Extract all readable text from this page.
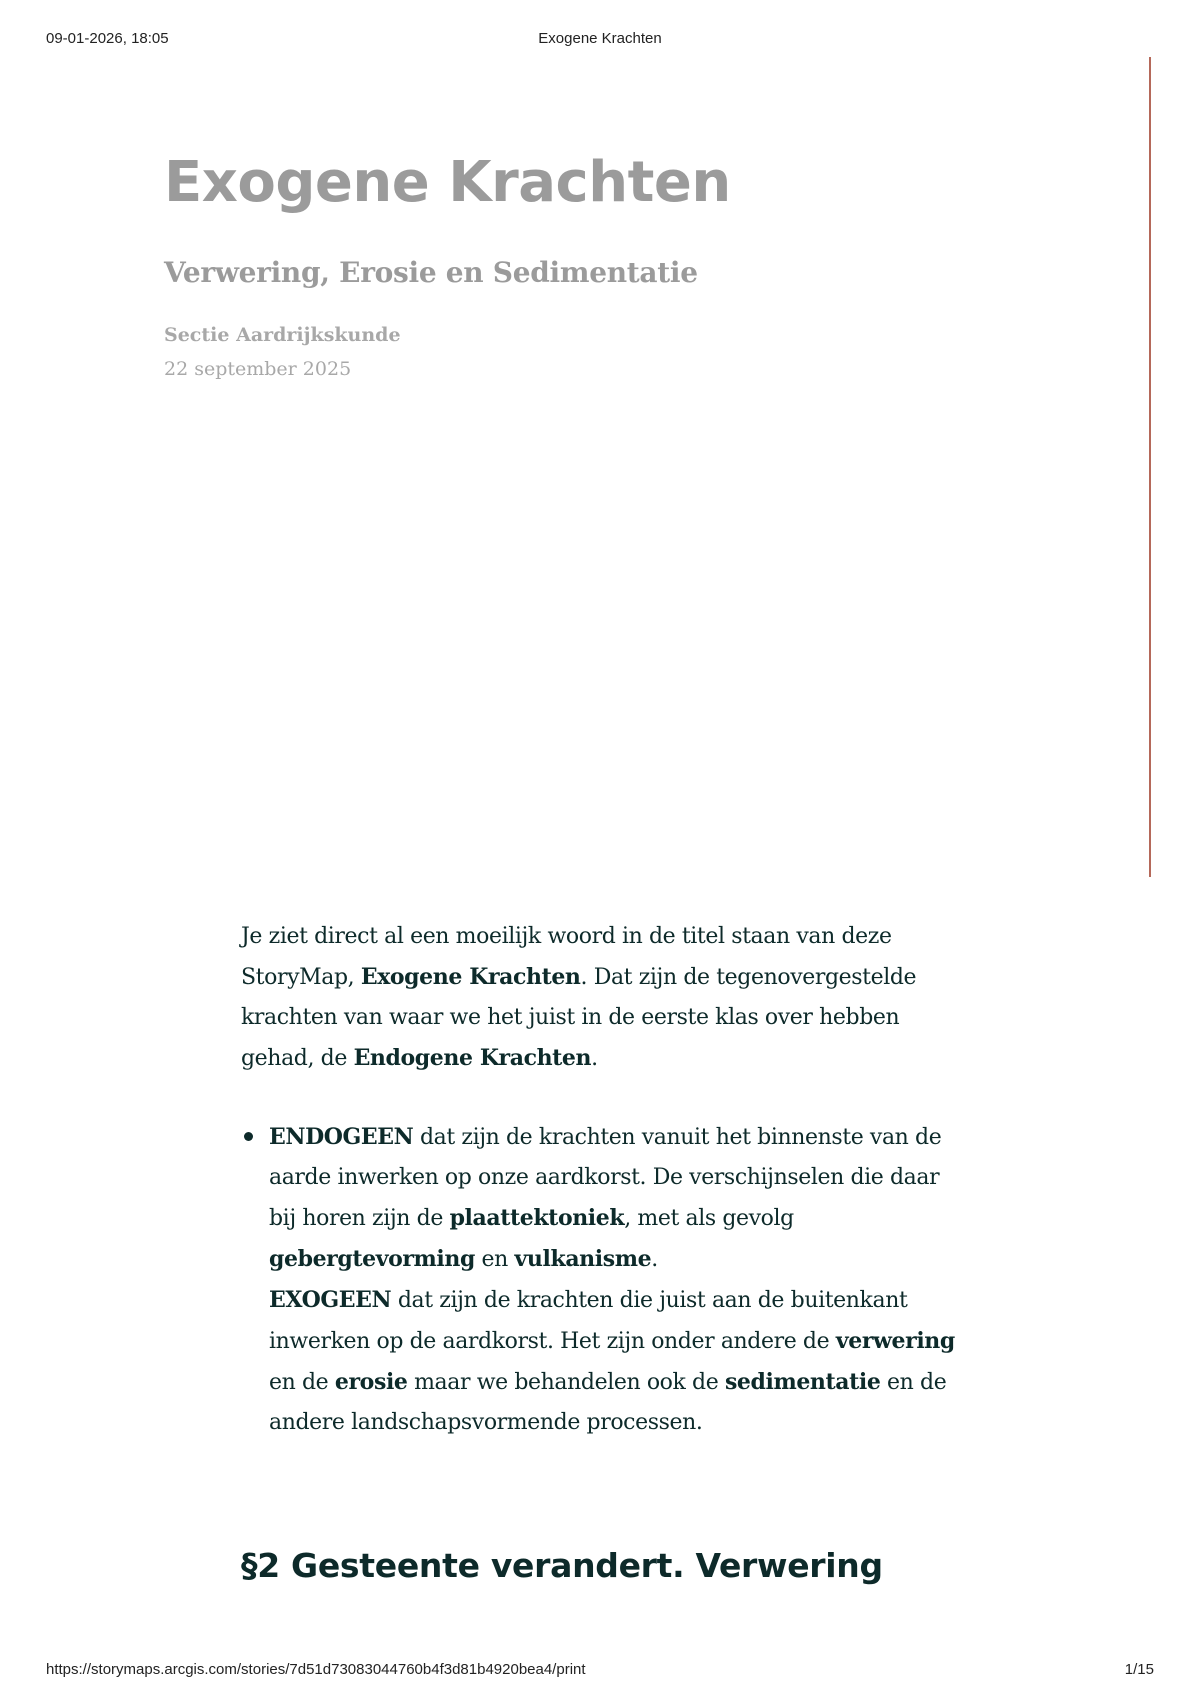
09-01-2026, 18:05	Exogene Krachten
Exogene Krachten
Verwering, Erosie en Sedimentatie
Sectie Aardrijkskunde
22 september 2025

Je ziet direct al een moeilijk woord in de titel staan van deze StoryMap, Exogene Krachten. Dat zijn de tegenovergestelde krachten van waar we het juist in de eerste klas over hebben gehad, de Endogene Krachten.

ENDOGEEN dat zijn de krachten vanuit het binnenste van de aarde inwerken op onze aardkorst. De verschijnselen die daar bij horen zijn de plaattektoniek, met als gevolg gebergtevorming en vulkanisme.
EXOGEEN dat zijn de krachten die juist aan de buitenkant inwerken op de aardkorst. Het zijn onder andere de verwering en de erosie maar we behandelen ook de sedimentatie en de andere landschapsvormende processen.
§2 Gesteente verandert. Verwering
https://storymaps.arcgis.com/stories/7d51d73083044760b4f3d81b4920bea4/print	1/15
